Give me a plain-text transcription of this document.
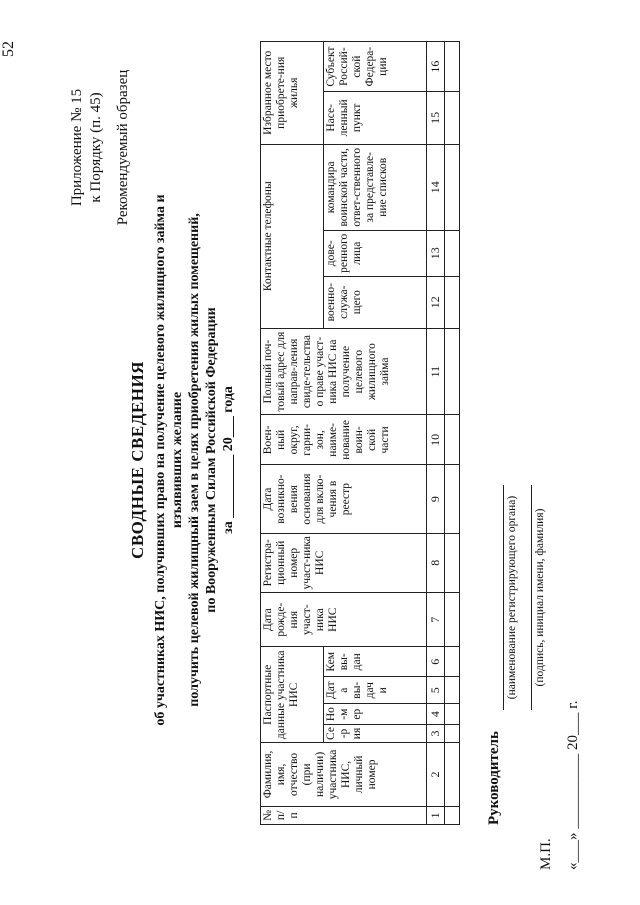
52
Приложение № 15 к Порядку (п. 45) Рекомендуемый образец
СВОДНЫЕ СВЕДЕНИЯ об участниках НИС, получивших право на получение целевого жилищного займа и изъявивших желание получить целевой жилищный заем в целях приобретения жилых помещений, по Вооруженным Силам Российской Федерации за _________ 20___ года
№ п/п	Фамилия, имя, отчество (при наличии) участника НИС, личный номер	Паспортные данные участника НИС				Дата рожде-ния участ-ника НИС	Регистра-ционный номер участ-ника НИС	Дата возникно-вения основания для вклю-чения в реестр	Воен-ный округ, гарни-зон, наиме-нование воин-ской части	Полный поч-товый адрес для направ-ления свиде-тельства о праве участ-ника НИС на получение целевого жилищного займа	Контактные телефоны			Избранное место приобрете-ния жилья	
		Се-рия	Но-мер	Дата вы-дачи	Кем вы-дан						военно-служа-щего	дове-ренного лица	командира воинской части, ответ-ственного за представле-ние списков	Насе-ленный пункт	Субъект Россий-ской Федера-ции
1	2	3	4	5	6	7	8	9	10	11	12	13	14	15	16

Руководитель
(наименование регистрирующего органа) (подпись, инициал имени, фамилия)
М.П. «___» __________ 20___ г.
